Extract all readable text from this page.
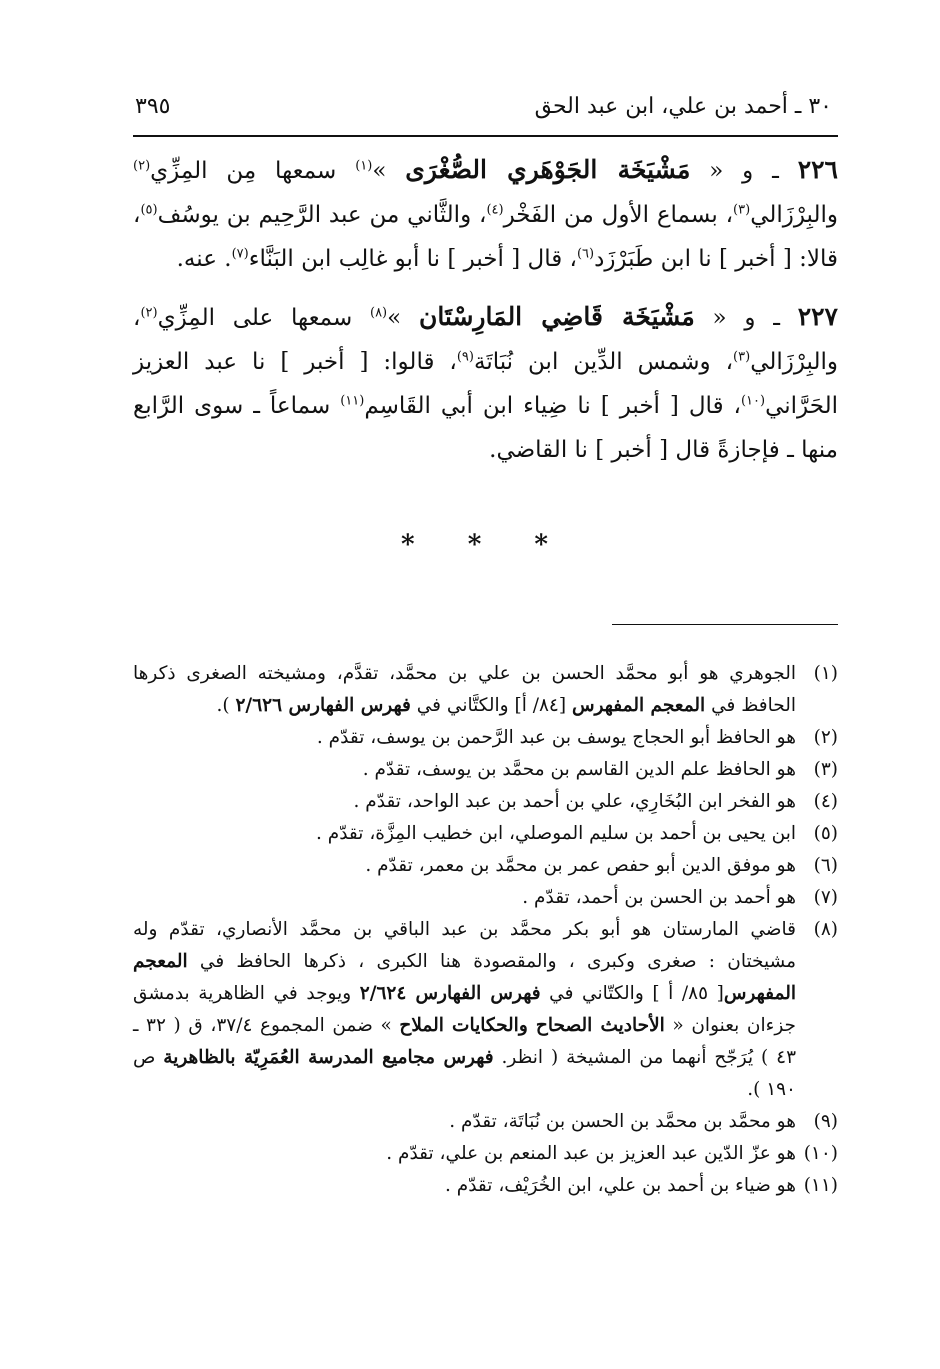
٣٠ ـ أحمد بن علي، ابن عبد الحق
٣٩٥

٢٢٦ ـ و « مَشْيَخَة الجَوْهَري الصُّغْرَى »$^{(١)}$ سمعها مِن المِزِّي$^{(٢)}$ والبِرْزَالي$^{(٣)}$، بسماع الأول من الفَخْر$^{(٤)}$، والثَّاني من عبد الرَّحِيم بن يوسُف$^{(٥)}$، قالا: [ أخبر ] نا ابن طَبَرْزَد$^{(٦)}$، قال [ أخبر ] نا أبو غالِب ابن البَنَّاء$^{(٧)}$. عنه.

٢٢٧ ـ و « مَشْيَخَة قَاضِي المَارِسْتَان »$^{(٨)}$ سمعها على المِزِّي$^{(٢)}$، والبِرْزَالي$^{(٣)}$، وشمس الدِّين ابن نُبَاتَة$^{(٩)}$، قالوا: [ أخبر ] نا عبد العزيز الحَرَّاني$^{(١٠)}$، قال [ أخبر ] نا ضِياء ابن أبي القَاسِم$^{(١١)}$ سماعاً ـ سوى الرَّابع منها ـ فإجازةً قال [ أخبر ] نا القاضي.

* * *
(١)
الجوهري هو أبو محمَّد الحسن بن علي بن محمَّد، تقدَّم، ومشيخته الصغرى ذكرها الحافظ في المعجم المفهرس [٨٤/ أ] والكتَّاني في فهرس الفهارس ٢/٦٢٦ ).
(٢)
هو الحافظ أبو الحجاج يوسف بن عبد الرَّحمن بن يوسف، تقدّم .
(٣)
هو الحافظ علم الدين القاسم بن محمَّد بن يوسف، تقدّم .
(٤)
هو الفخر ابن البُخَارِي، علي بن أحمد بن عبد الواحد، تقدّم .
(٥)
ابن يحيى بن أحمد بن سليم الموصلي، ابن خطيب المِزَّة، تقدّم .
(٦)
هو موفق الدين أبو حفص عمر بن محمَّد بن معمر، تقدّم .
(٧)
هو أحمد بن الحسن بن أحمد، تقدّم .
(٨)
قاضي المارستان هو أبو بكر محمَّد بن عبد الباقي بن محمَّد الأنصاري، تقدّم وله مشيختان : صغرى وكبرى ، والمقصودة هنا الكبرى ، ذكرها الحافظ في المعجم المفهرس[ ٨٥/ أ ] والكتّاني في فهرس الفهارس ٢/٦٢٤ ويوجد في الظاهرية بدمشق جزءان بعنوان « الأحاديث الصحاح والحكايات الملاح » ضمن المجموع ٣٧/٤، ق ( ٣٢ ـ ٤٣ ) يُرَجّح أنهما من المشيخة ( انظر. فهرس مجاميع المدرسة العُمَرِيّة بالظاهرية ص ١٩٠ ).
(٩)
هو محمَّد بن محمَّد بن الحسن بن نُبَاتَة، تقدّم .
(١٠)
هو عزّ الدّين عبد العزيز بن عبد المنعم بن علي، تقدّم .
(١١)
هو ضياء بن أحمد بن علي، ابن الخُرَيْف، تقدّم .
